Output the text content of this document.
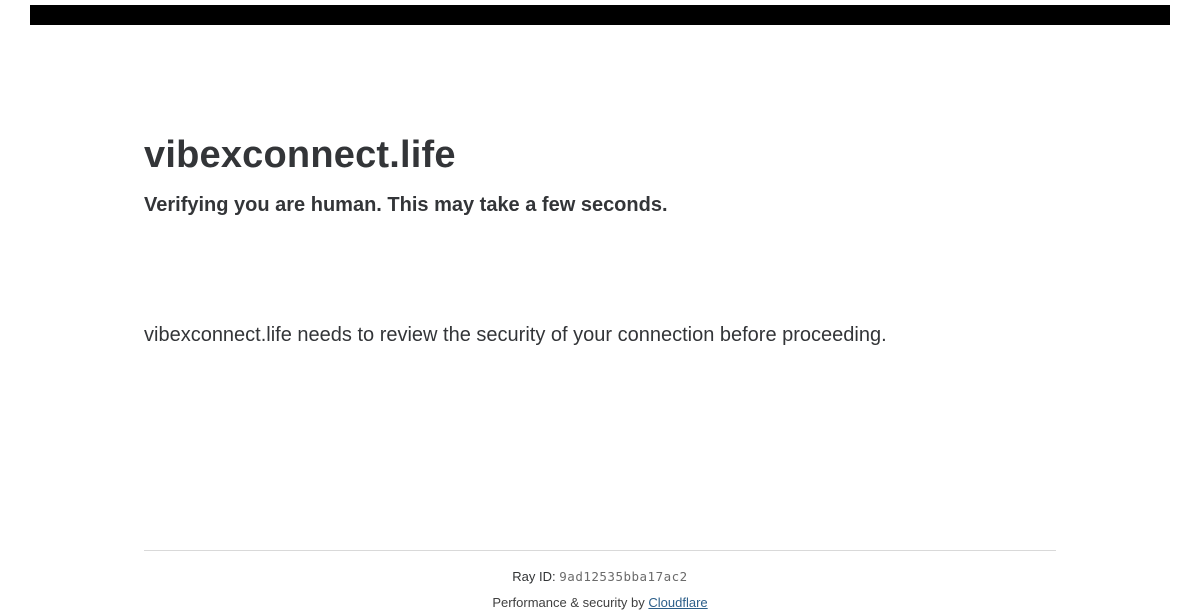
vibexconnect.life
Verifying you are human. This may take a few seconds.

vibexconnect.life needs to review the security of your connection before proceeding.

Ray ID: 9ad12535bba17ac2
Performance & security by Cloudflare
